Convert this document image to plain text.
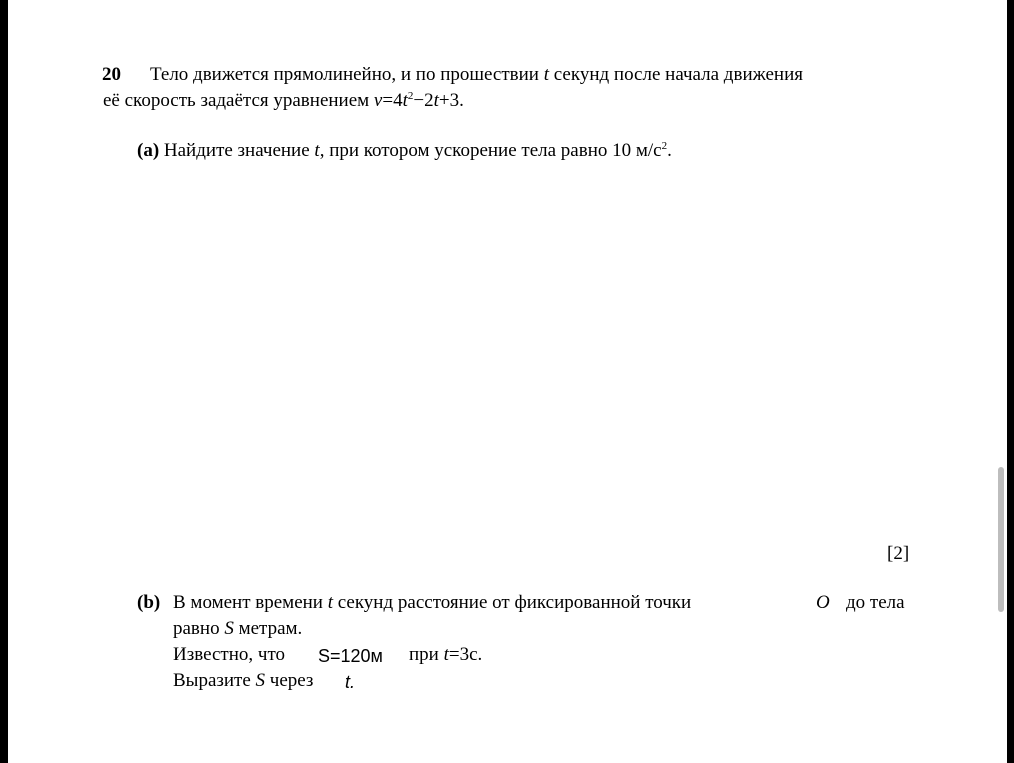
20 Тело движется прямолинейно, и по прошествии t секунд после начала движения
её скорость задаётся уравнением $v=4t^2-2t+3$.
(a) Найдите значение t, при котором ускорение тела равно 10 $м/с^2$.
[2]
(b) В момент времени t секунд расстояние от фиксированной точки	O до тела
равно S метрам.
Известно, что S=120м при t=3с.
Выразите S через t.
